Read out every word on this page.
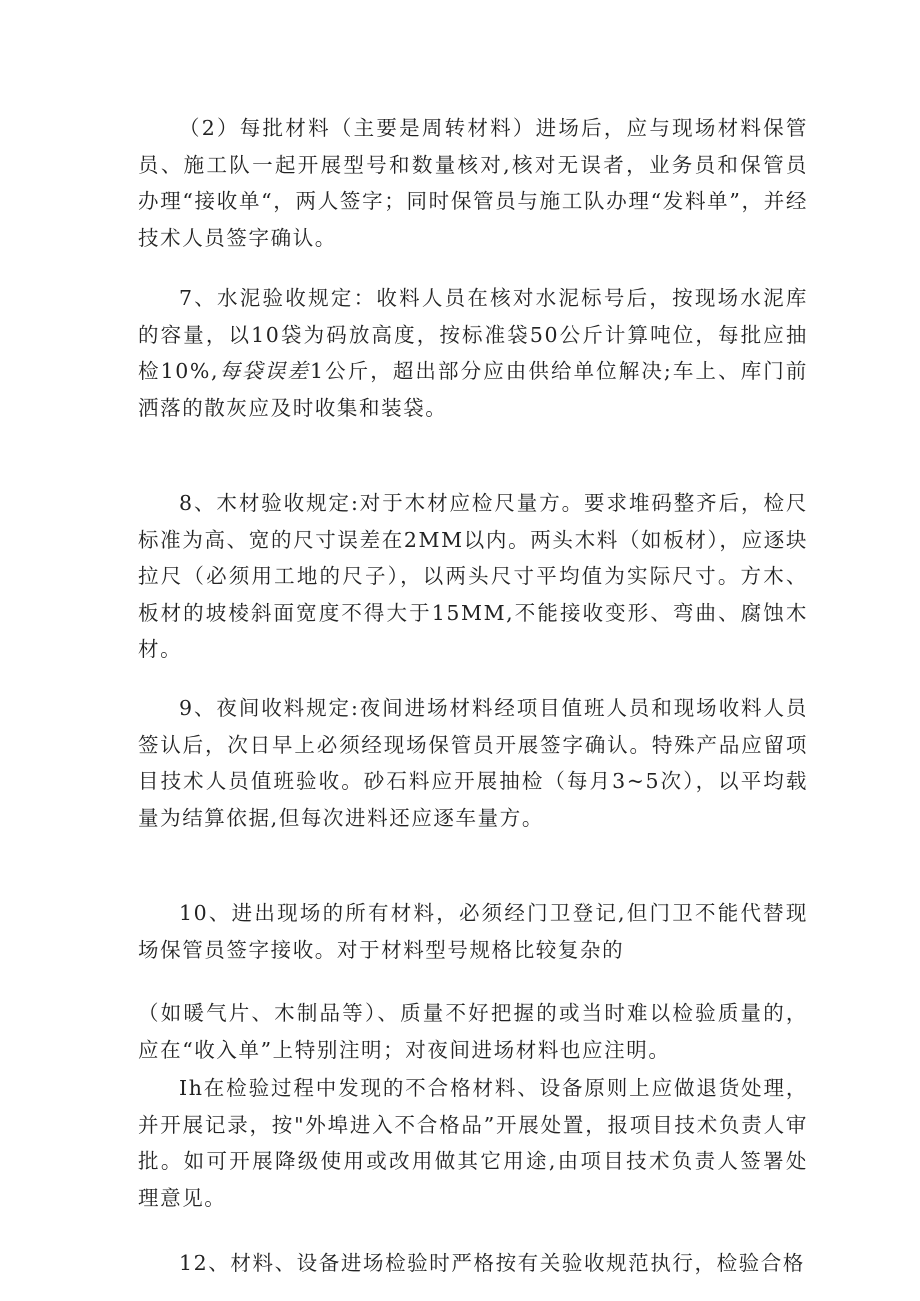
（2）每批材料（主要是周转材料）进场后，应与现场材料保管员、施工队一起开展型号和数量核对,核对无误者，业务员和保管员办理“接收单“，两人签字；同时保管员与施工队办理“发料单”，并经技术人员签字确认。

7、水泥验收规定：收料人员在核对水泥标号后，按现场水泥库的容量，以10袋为码放高度，按标准袋50公斤计算吨位，每批应抽检10%,每袋误差1公斤，超出部分应由供给单位解决;车上、库门前洒落的散灰应及时收集和装袋。

8、木材验收规定:对于木材应检尺量方。要求堆码整齐后，检尺标准为高、宽的尺寸误差在2MM以内。两头木料（如板材），应逐块拉尺（必须用工地的尺子），以两头尺寸平均值为实际尺寸。方木、板材的坡棱斜面宽度不得大于15MM,不能接收变形、弯曲、腐蚀木材。

9、夜间收料规定:夜间进场材料经项目值班人员和现场收料人员签认后，次日早上必须经现场保管员开展签字确认。特殊产品应留项目技术人员值班验收。砂石料应开展抽检（每月3~5次），以平均载量为结算依据,但每次进料还应逐车量方。

10、进出现场的所有材料，必须经门卫登记,但门卫不能代替现场保管员签字接收。对于材料型号规格比较复杂的

（如暖气片、木制品等）、质量不好把握的或当时难以检验质量的，应在“收入单”上特别注明；对夜间进场材料也应注明。

Ih在检验过程中发现的不合格材料、设备原则上应做退货处理，并开展记录，按"外埠进入不合格品”开展处置，报项目技术负责人审批。如可开展降级使用或改用做其它用途,由项目技术负责人签署处理意见。

12、材料、设备进场检验时严格按有关验收规范执行，检验合格
